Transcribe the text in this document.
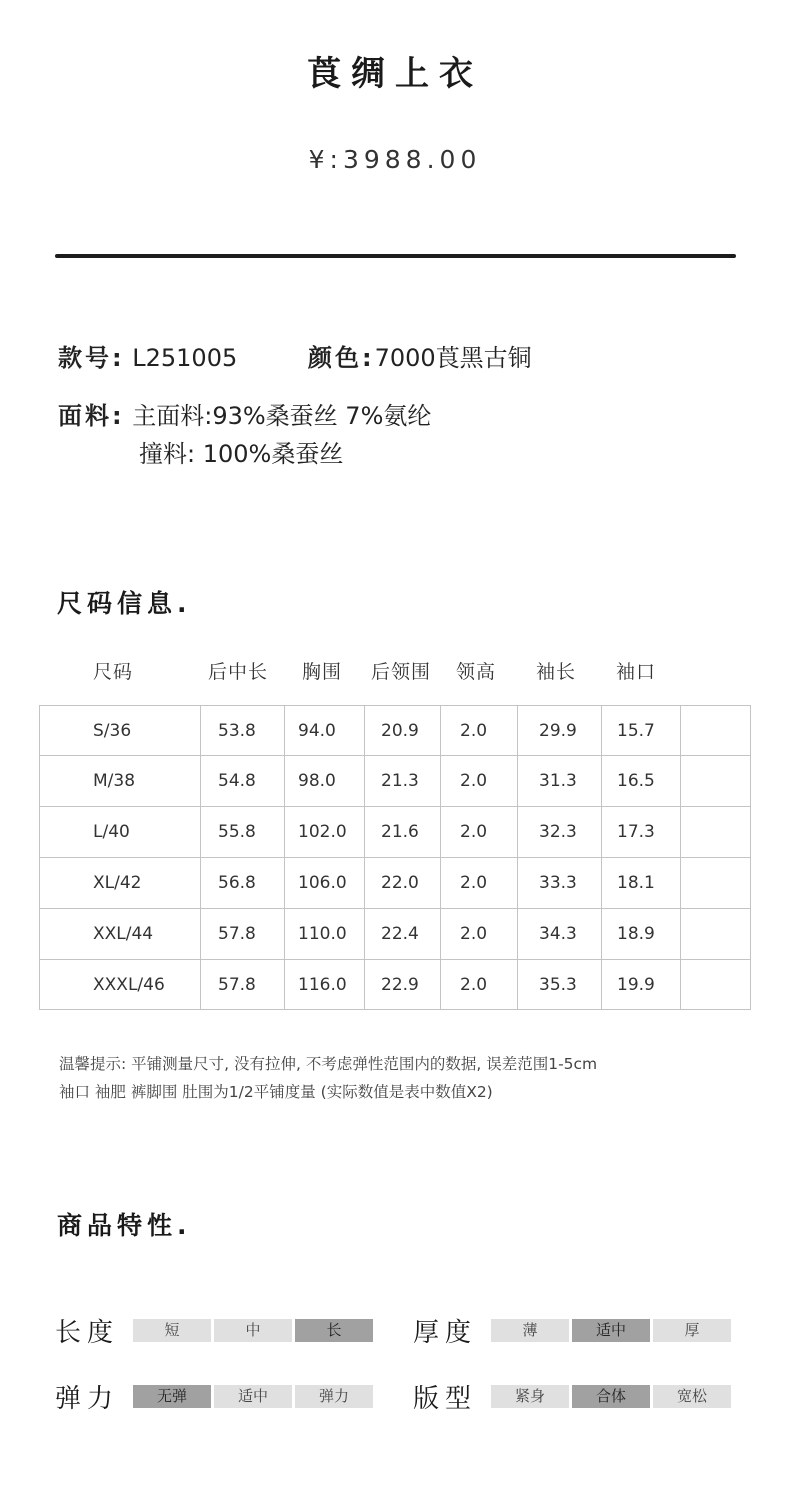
莨绸上衣
¥:3988.00
款号: L251005	颜色:7000莨黑古铜
面料: 主面料:93%桑蚕丝 7%氨纶
撞料: 100%桑蚕丝
尺码信息.
尺码	后中长 胸围 后领围 领高 袖长 袖口
S/36	53.8	94.0	20.9	2.0	29.9	15.7	
M/38	54.8	98.0	21.3	2.0	31.3	16.5	
L/40	55.8	102.0	21.6	2.0	32.3	17.3	
XL/42	56.8	106.0	22.0	2.0	33.3	18.1	
XXL/44	57.8	110.0	22.4	2.0	34.3	18.9	
XXXL/46	57.8	116.0	22.9	2.0	35.3	19.9	
温馨提示: 平铺测量尺寸, 没有拉伸, 不考虑弹性范围内的数据, 误差范围1-5cm
袖口 袖肥 裤脚围 肚围为1/2平铺度量 (实际数值是表中数值X2)
商品特性.
长度	短	中	长	厚度	薄	适中	厚
弹力	无弹	适中	弹力	版型	紧身	合体	宽松
